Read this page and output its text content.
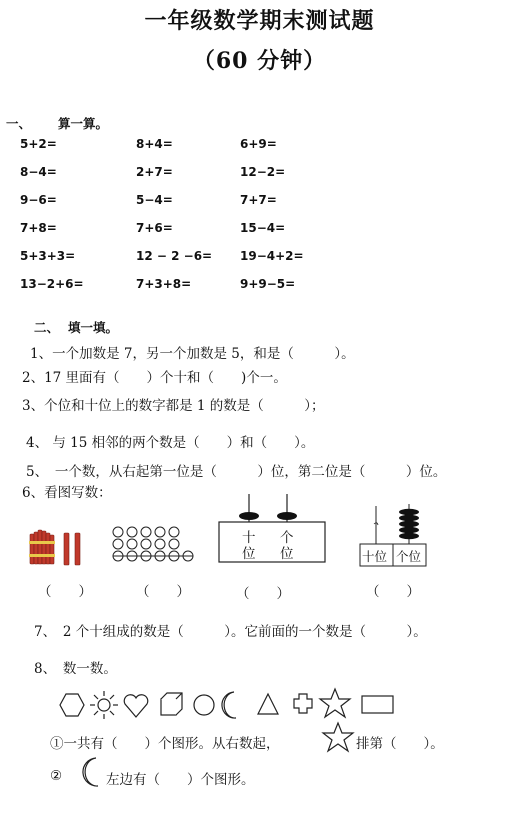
一年级数学期末测试题
（60 分钟）
一、 算一算。
5+2=	8+4=	6+9=
8−4=	2+7=	12−2=
9−6=	5−4=	7+7=
7+8=	7+6=	15−4=
5+3+3=	12 − 2 −6= 19−4+2=
13−2+6=	7+3+8=	9+9−5=
二、 填一填。
1、一个加数是 7，另一个加数是 5，和是（　　　）。
2、17 里面有（　　）个十和（　　)个一。
3、个位和十位上的数字都是 1 的数是（　　　）；
4、 与 15 相邻的两个数是（　　）和（　　）。
5、　一个数，从右起第一位是（　　　）位，第二位是（　　　）位。
6、看图写数：
十
位
个
位	十位 个位
（　　）	（　　）	（　　）	（　　）
7、　2 个十组成的数是（　　　）。它前面的一个数是（　　　）。
8、　数一数。
①一共有（　　）个图形。从右数起，	排第（　　）。
②	左边有（　　）个图形。
